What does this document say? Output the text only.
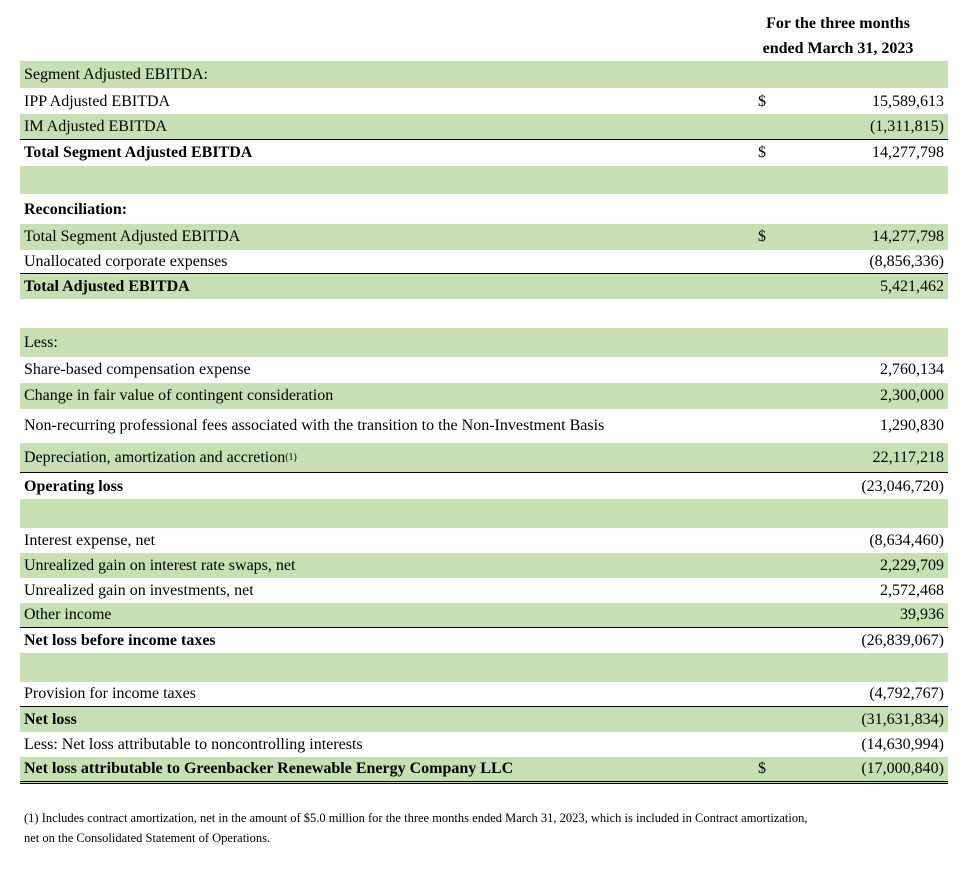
For the three months
ended March 31, 2023
Segment Adjusted EBITDA:
IPP Adjusted EBITDA	$	15,589,613
IM Adjusted EBITDA	(1,311,815)
Total Segment Adjusted EBITDA	$	14,277,798
Reconciliation:
Total Segment Adjusted EBITDA	$	14,277,798
Unallocated corporate expenses	(8,856,336)
Total Adjusted EBITDA	5,421,462
Less:
Share-based compensation expense	2,760,134
Change in fair value of contingent consideration	2,300,000
Non-recurring professional fees associated with the transition to the Non-Investment Basis	1,290,830
Depreciation, amortization and accretion (1)	22,117,218
Operating loss	(23,046,720)
Interest expense, net	(8,634,460)
Unrealized gain on interest rate swaps, net	2,229,709
Unrealized gain on investments, net	2,572,468
Other income	39,936
Net loss before income taxes	(26,839,067)
Provision for income taxes	(4,792,767)
Net loss	(31,631,834)
Less: Net loss attributable to noncontrolling interests	(14,630,994)
Net loss attributable to Greenbacker Renewable Energy Company LLC	$	(17,000,840)
(1) Includes contract amortization, net in the amount of $5.0 million for the three months ended March 31, 2023, which is included in Contract amortization,
net on the Consolidated Statement of Operations.
